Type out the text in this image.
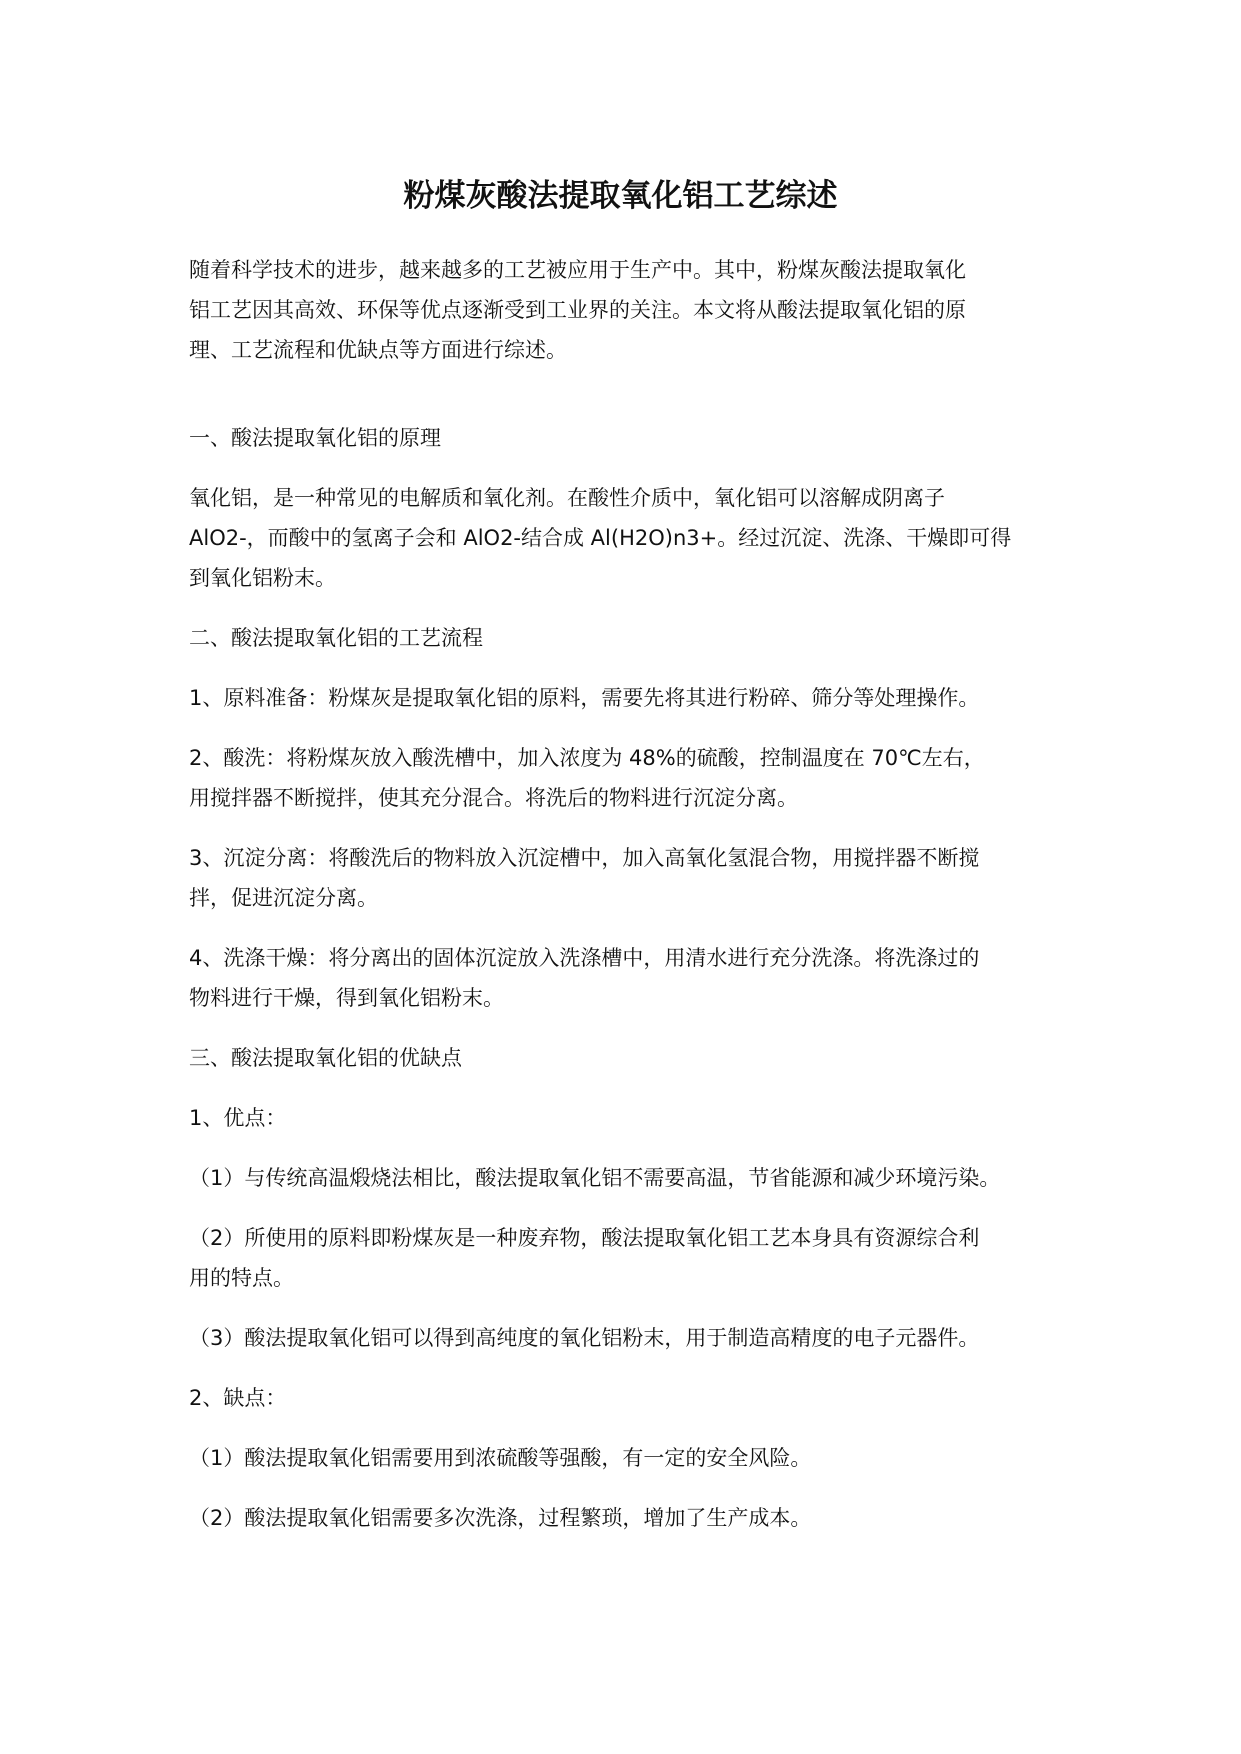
粉煤灰酸法提取氧化铝工艺综述

随着科学技术的进步，越来越多的工艺被应用于生产中。其中，粉煤灰酸法提取氧化
铝工艺因其高效、环保等优点逐渐受到工业界的关注。本文将从酸法提取氧化铝的原
理、工艺流程和优缺点等方面进行综述。

一、酸法提取氧化铝的原理

氧化铝，是一种常见的电解质和氧化剂。在酸性介质中，氧化铝可以溶解成阴离子
AlO2-，而酸中的氢离子会和 AlO2-结合成 Al(H2O)n3+。经过沉淀、洗涤、干燥即可得
到氧化铝粉末。

二、酸法提取氧化铝的工艺流程

1、原料准备：粉煤灰是提取氧化铝的原料，需要先将其进行粉碎、筛分等处理操作。

2、酸洗：将粉煤灰放入酸洗槽中，加入浓度为 48%的硫酸，控制温度在 70℃左右，
用搅拌器不断搅拌，使其充分混合。将洗后的物料进行沉淀分离。

3、沉淀分离：将酸洗后的物料放入沉淀槽中，加入高氧化氢混合物，用搅拌器不断搅
拌，促进沉淀分离。

4、洗涤干燥：将分离出的固体沉淀放入洗涤槽中，用清水进行充分洗涤。将洗涤过的
物料进行干燥，得到氧化铝粉末。

三、酸法提取氧化铝的优缺点

1、优点：

（1）与传统高温煅烧法相比，酸法提取氧化铝不需要高温，节省能源和减少环境污染。

（2）所使用的原料即粉煤灰是一种废弃物，酸法提取氧化铝工艺本身具有资源综合利
用的特点。

（3）酸法提取氧化铝可以得到高纯度的氧化铝粉末，用于制造高精度的电子元器件。

2、缺点：

（1）酸法提取氧化铝需要用到浓硫酸等强酸，有一定的安全风险。

（2）酸法提取氧化铝需要多次洗涤，过程繁琐，增加了生产成本。
